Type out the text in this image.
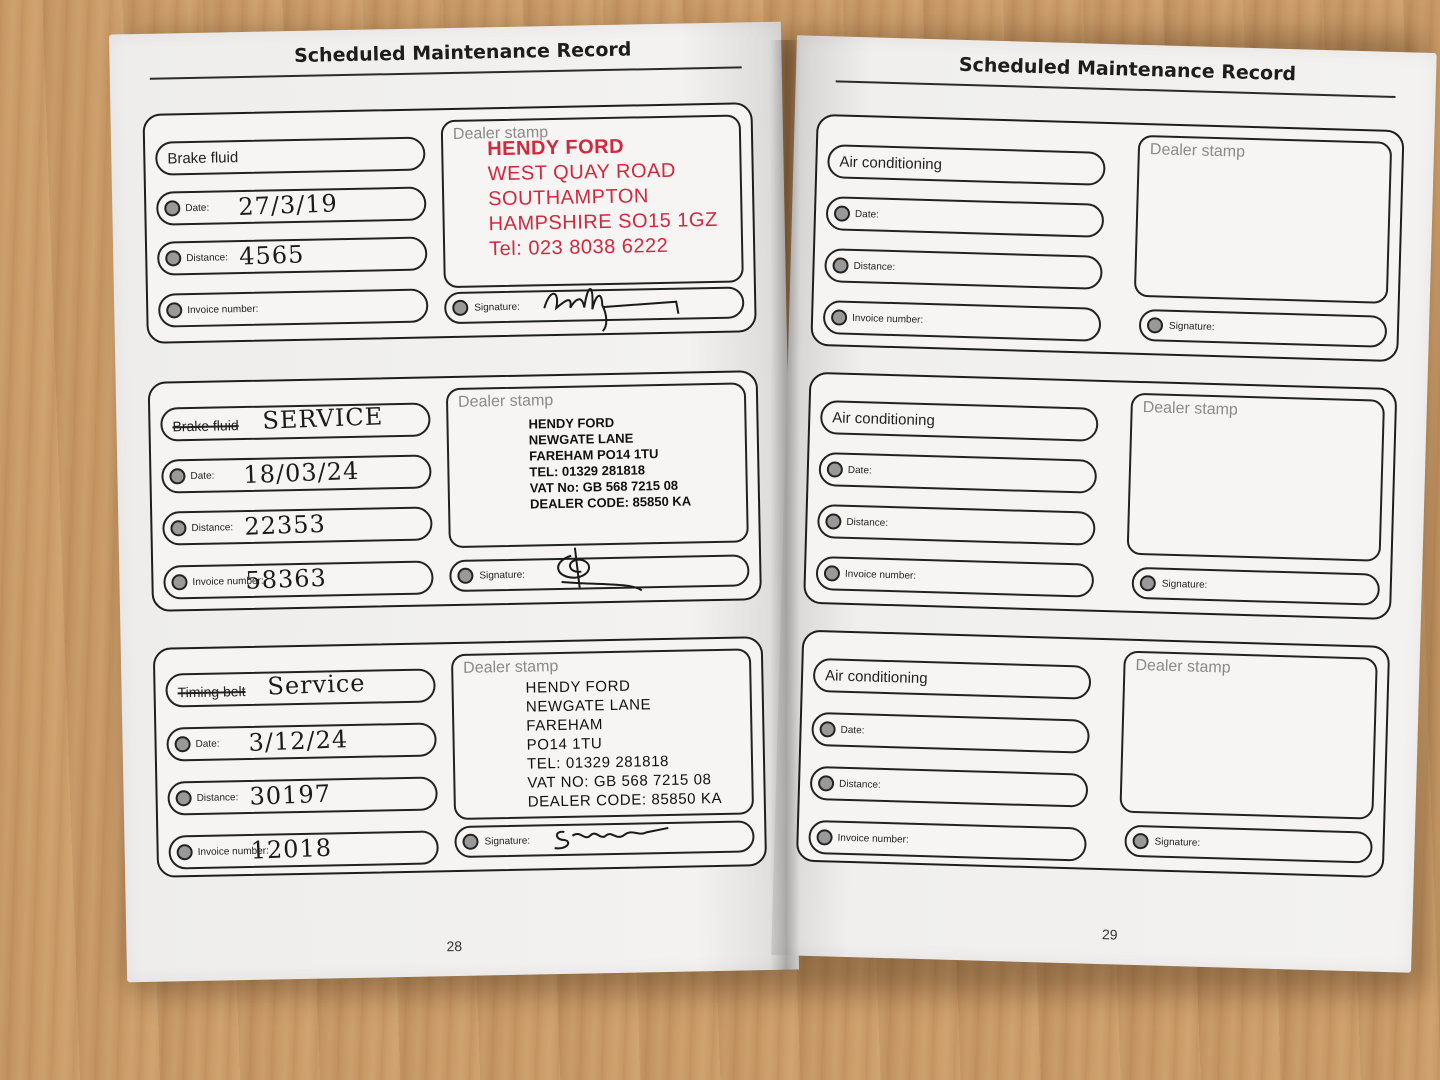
Scheduled Maintenance Record
Brake fluid
Date: 27/3/19
Distance: 4565
Invoice number:
Dealer stamp
HENDY FORD
WEST QUAY ROAD
SOUTHAMPTON
HAMPSHIRE SO15 1GZ
Tel: 023 8038 6222
Signature:
Brake fluid SERVICE
Date: 18/03/24
Distance: 22353
Invoice number:
58363
Dealer stamp
HENDY FORD
NEWGATE LANE
FAREHAM PO14 1TU
TEL: 01329 281818
VAT No: GB 568 7215 08
DEALER CODE: 85850 KA
Signature:
Timing belt Service
Date: 3/12/24
Distance: 30197
Invoice number:
12018
Dealer stamp
HENDY FORD
NEWGATE LANE
FAREHAM
PO14 1TU
TEL: 01329 281818
VAT NO: GB 568 7215 08
DEALER CODE: 85850 KA
Signature:
28
Scheduled Maintenance Record
Air conditioning
Date:
Distance:
Invoice number:
Dealer stamp
Signature:
Air conditioning
Date:
Distance:
Invoice number:
Dealer stamp
Signature:
Air conditioning
Date:
Distance:
Invoice number:
Dealer stamp
Signature:
29
